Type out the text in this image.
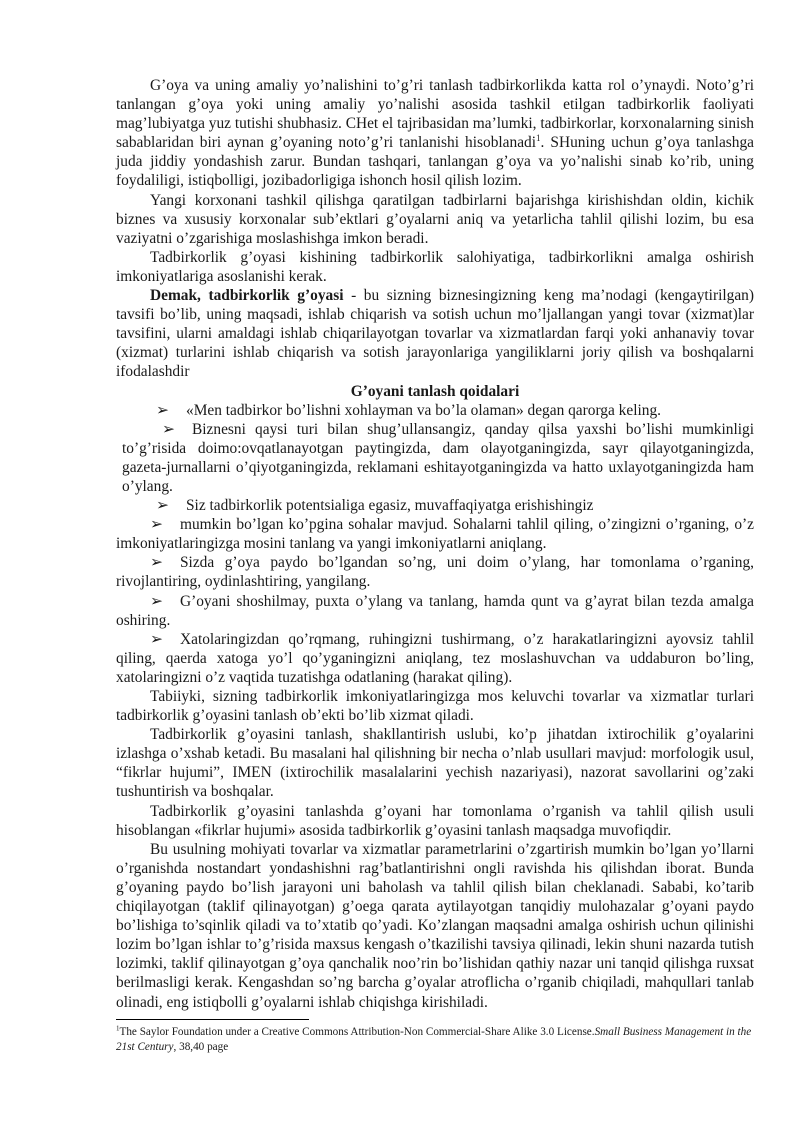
G’oya va uning amaliy yo’nalishini to’g’ri tanlash tadbirkorlikda katta rol o’ynaydi. Noto’g’ri tanlangan g’oya yoki uning amaliy yo’nalishi asosida tashkil etilgan tadbirkorlik faoliyati mag’lubiyatga yuz tutishi shubhasiz. CHet el tajribasidan ma’lumki, tadbirkorlar, korxonalarning sinish sabablaridan biri aynan g’oyaning noto’g’ri tanlanishi hisoblanadi$^1$. SHuning uchun g’oya tanlashga juda jiddiy yondashish zarur. Bundan tashqari, tanlangan g’oya va yo’nalishi sinab ko’rib, uning foydaliligi, istiqbolligi, jozibadorligiga ishonch hosil qilish lozim.

Yangi korxonani tashkil qilishga qaratilgan tadbirlarni bajarishga kirishishdan oldin, kichik biznes va xususiy korxonalar sub’ektlari g’oyalarni aniq va yetarlicha tahlil qilishi lozim, bu esa vaziyatni o’zgarishiga moslashishga imkon beradi.

Tadbirkorlik g’oyasi kishining tadbirkorlik salohiyatiga, tadbirkorlikni amalga oshirish imkoniyatlariga asoslanishi kerak.

Demak, tadbirkorlik g’oyasi - bu sizning biznesingizning keng ma’nodagi (kengaytirilgan) tavsifi bo’lib, uning maqsadi, ishlab chiqarish va sotish uchun mo’ljallangan yangi tovar (xizmat)lar tavsifini, ularni amaldagi ishlab chiqarilayotgan tovarlar va xizmatlardan farqi yoki anhanaviy tovar (xizmat) turlarini ishlab chiqarish va sotish jarayonlariga yangiliklarni joriy qilish va boshqalarni ifodalashdir

G’oyani tanlash qoidalari

➢ «Men tadbirkor bo’lishni xohlayman va bo’la olaman» degan qarorga keling.

➢ Biznesni qaysi turi bilan shug’ullansangiz, qanday qilsa yaxshi bo’lishi mumkinligi to’g’risida doimo:ovqatlanayotgan paytingizda, dam olayotganingizda, sayr qilayotganingizda, gazeta-jurnallarni o’qiyotganingizda, reklamani eshitayotganingizda va hatto uxlayotganingizda ham o’ylang.

➢ Siz tadbirkorlik potentsialiga egasiz, muvaffaqiyatga erishishingiz

➢ mumkin bo’lgan ko’pgina sohalar mavjud. Sohalarni tahlil qiling, o’zingizni o’rganing, o’z imkoniyatlaringizga mosini tanlang va yangi imkoniyatlarni aniqlang.

➢ Sizda g’oya paydo bo’lgandan so’ng, uni doim o’ylang, har tomonlama o’rganing, rivojlantiring, oydinlashtiring, yangilang.

➢ G’oyani shoshilmay, puxta o’ylang va tanlang, hamda qunt va g’ayrat bilan tezda amalga oshiring.

➢ Xatolaringizdan qo’rqmang, ruhingizni tushirmang, o’z harakatlaringizni ayovsiz tahlil qiling, qaerda xatoga yo’l qo’yganingizni aniqlang, tez moslashuvchan va uddaburon bo’ling, xatolaringizni o’z vaqtida tuzatishga odatlaning (harakat qiling).

Tabiiyki, sizning tadbirkorlik imkoniyatlaringizga mos keluvchi tovarlar va xizmatlar turlari tadbirkorlik g’oyasini tanlash ob’ekti bo’lib xizmat qiladi.

Tadbirkorlik g’oyasini tanlash, shakllantirish uslubi, ko’p jihatdan ixtirochilik g’oyalarini izlashga o’xshab ketadi. Bu masalani hal qilishning bir necha o’nlab usullari mavjud: morfologik usul, “fikrlar hujumi”, IMEN (ixtirochilik masalalarini yechish nazariyasi), nazorat savollarini og’zaki tushuntirish va boshqalar.

Tadbirkorlik g’oyasini tanlashda g’oyani har tomonlama o’rganish va tahlil qilish usuli hisoblangan «fikrlar hujumi» asosida tadbirkorlik g’oyasini tanlash maqsadga muvofiqdir.

Bu usulning mohiyati tovarlar va xizmatlar parametrlarini o’zgartirish mumkin bo’lgan yo’llarni o’rganishda nostandart yondashishni rag’batlantirishni ongli ravishda his qilishdan iborat. Bunda g’oyaning paydo bo’lish jarayoni uni baholash va tahlil qilish bilan cheklanadi. Sababi, ko’tarib chiqilayotgan (taklif qilinayotgan) g’oega qarata aytilayotgan tanqidiy mulohazalar g’oyani paydo bo’lishiga to’sqinlik qiladi va to’xtatib qo’yadi. Ko’zlangan maqsadni amalga oshirish uchun qilinishi lozim bo’lgan ishlar to’g’risida maxsus kengash o’tkazilishi tavsiya qilinadi, lekin shuni nazarda tutish lozimki, taklif qilinayotgan g’oya qanchalik noo’rin bo’lishidan qathiy nazar uni tanqid qilishga ruxsat berilmasligi kerak. Kengashdan so’ng barcha g’oyalar atroflicha o’rganib chiqiladi, mahqullari tanlab olinadi, eng istiqbolli g’oyalarni ishlab chiqishga kirishiladi.

$^1$The Saylor Foundation under a Creative Commons Attribution-Non Commercial-Share Alike 3.0 License.Small Business Management in the 21st Century, 38,40 page
